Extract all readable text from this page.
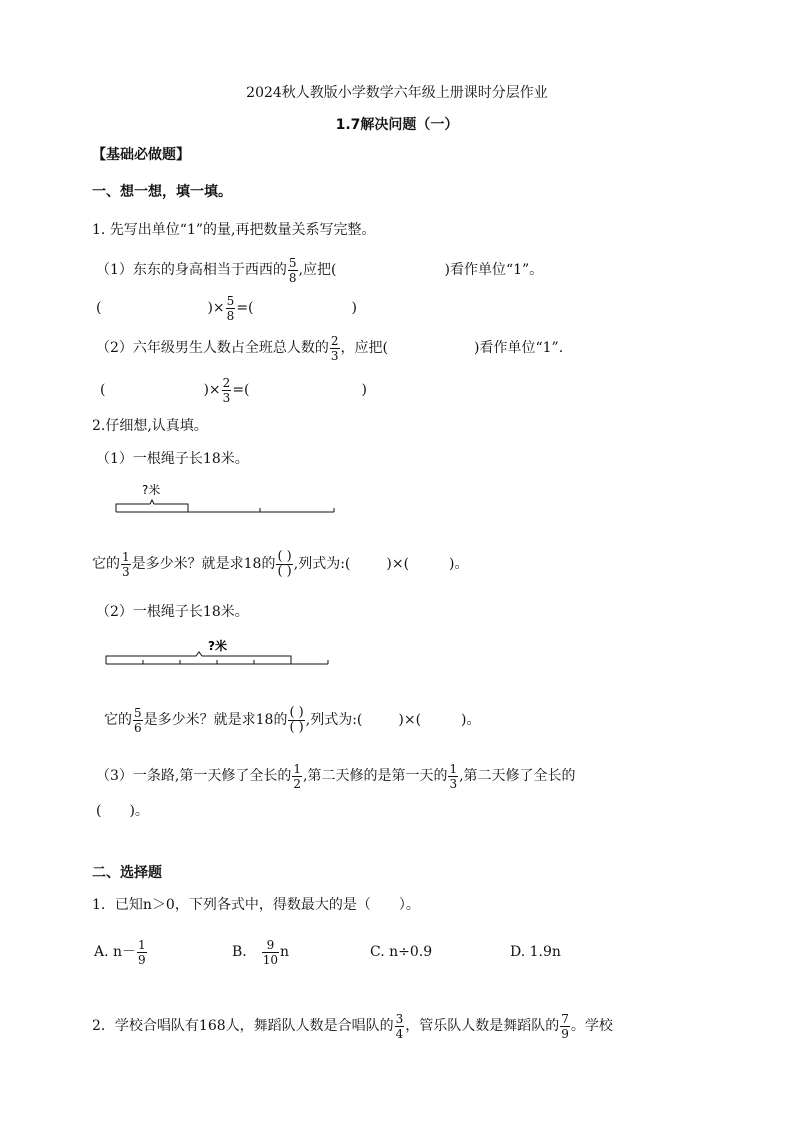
2024秋人教版小学数学六年级上册课时分层作业
1.7解决问题（一）
【基础必做题】
一、想一想，填一填。
1. 先写出单位“1”的量,再把数量关系写完整。
（1）东东的身高相当于西西的 $\frac{5}{8}$ ,应把(	)看作单位“1”。
(	)× $\frac{5}{8}$ =(	)
（2）六年级男生人数占全班总人数的 $\frac{2}{3}$ ，应把(	)看作单位“1”.
(	)× $\frac{2}{3}$ =(	)
2.仔细想,认真填。
（1）一根绳子长18米。
?米
它的 $\frac{1}{3}$ 是多少米？就是求18的 $\frac{( )}{( )}$ ,列式为:(	)×(	)。
（2）一根绳子长18米。
?米
它的 $\frac{5}{6}$ 是多少米？就是求18的 $\frac{( )}{( )}$ ,列式为:(	)×(	)。
（3）一条路,第一天修了全长的 $\frac{1}{2}$ ,第二天修的是第一天的 $\frac{1}{3}$ ,第二天修了全长的
(　　)。
二、选择题
1．已知n＞0，下列各式中，得数最大的是（　　）。
A. $n- \frac{1}{9}$	B. $\frac{9}{10}$ n	C. n÷0.9	D. 1.9n
2．学校合唱队有168人，舞蹈队人数是合唱队的 $\frac{3}{4}$ ，管乐队人数是舞蹈队的 $\frac{7}{9}$ 。学校
